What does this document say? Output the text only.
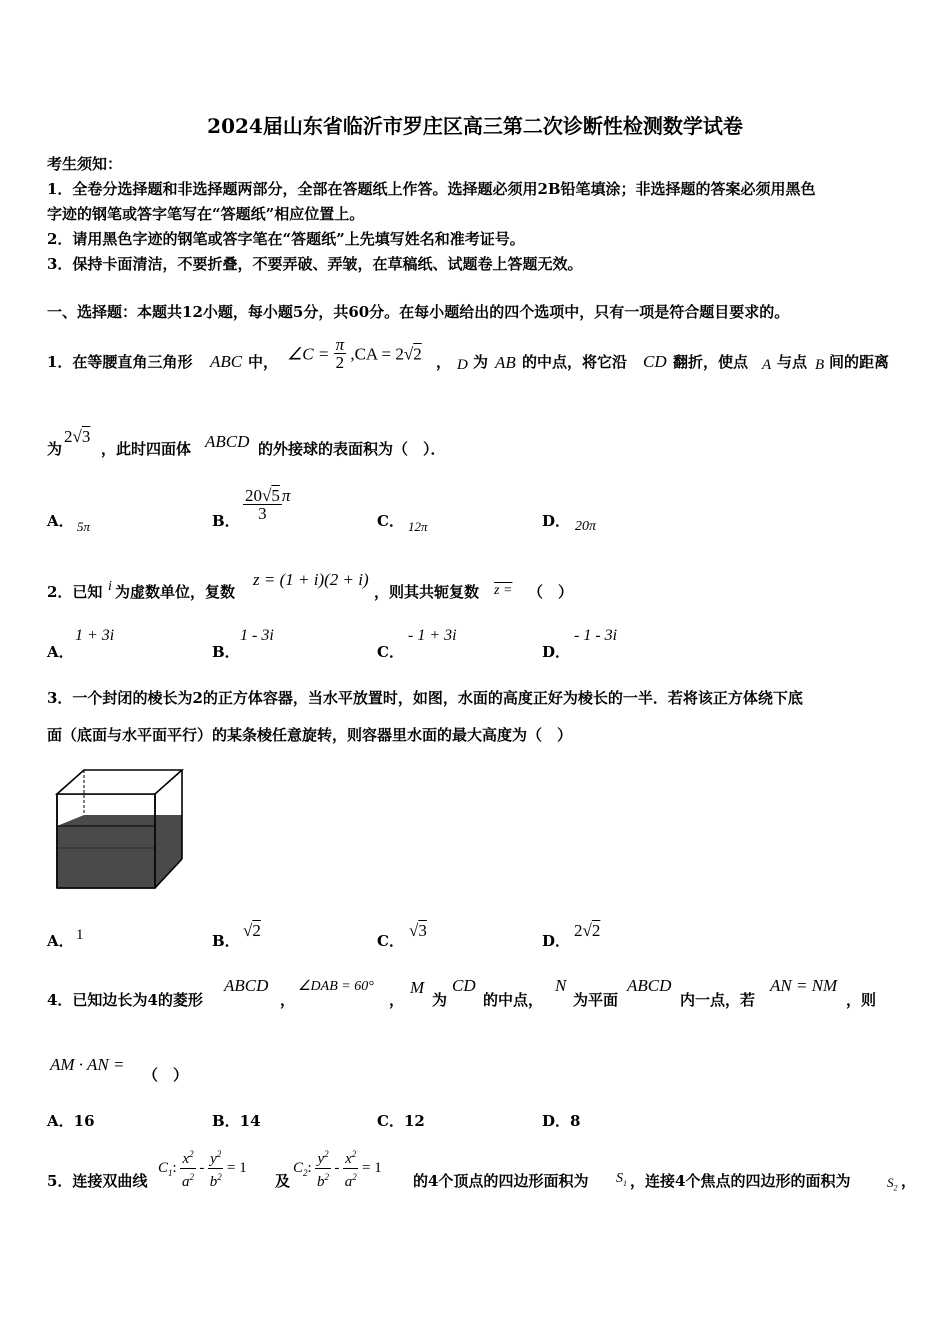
2024届山东省临沂市罗庄区高三第二次诊断性检测数学试卷
考生须知：
1．全卷分选择题和非选择题两部分，全部在答题纸上作答。选择题必须用2B铅笔填涂；非选择题的答案必须用黑色
字迹的钢笔或答字笔写在“答题纸”相应位置上。
2．请用黑色字迹的钢笔或答字笔在“答题纸”上先填写姓名和准考证号。
3．保持卡面清洁，不要折叠，不要弄破、弄皱，在草稿纸、试题卷上答题无效。
一、选择题：本题共12小题，每小题5分，共60分。在每小题给出的四个选项中，只有一项是符合题目要求的。
1．在等腰直角三角形 ABC 中， ∠C = $\frac{\pi}{2} ,CA = 2√2$ ， D 为 AB 的中点，将它沿 CD 翻折，使点 A 与点 B 间的距离
为
2√3
，此时四面体 ABCD 的外接球的表面积为（　）．
A． 5π	B． $\frac{20√5}{3}$ π
C． 12π	D． 20π
2．已知 i 为虚数单位，复数
z = (1 + i)(2 + i)
，则其共轭复数 z = （　）
A．
1 + 3i
B．
1 - 3i
C．
- 1 + 3i
D．
- 1 - 3i
3．一个封闭的棱长为2的正方体容器，当水平放置时，如图，水面的高度正好为棱长的一半．若将该正方体绕下底
面（底面与水平面平行）的某条棱任意旋转，则容器里水面的最大高度为（　）
A． 1	B．
√2
C．
√3
D．
2√2
4．已知边长为4的菱形
ABCD
，
∠DAB = 60°
，
M
为
CD
的中点，
N
为平面
ABCD
内一点，若
AN = NM
，则
AM · AN =
（　）
A．16	B．14	C．12	D．8
5．连接双曲线
$C_1$: $\frac{x^2}{a^2} - \frac{y^2}{b^2} = 1$
及
$C_2$: $\frac{y^2}{b^2} - \frac{x^2}{a^2} = 1$
的4个顶点的四边形面积为 $S_1$ ，连接4个焦点的四边形的面积为	$S_2$ ，
